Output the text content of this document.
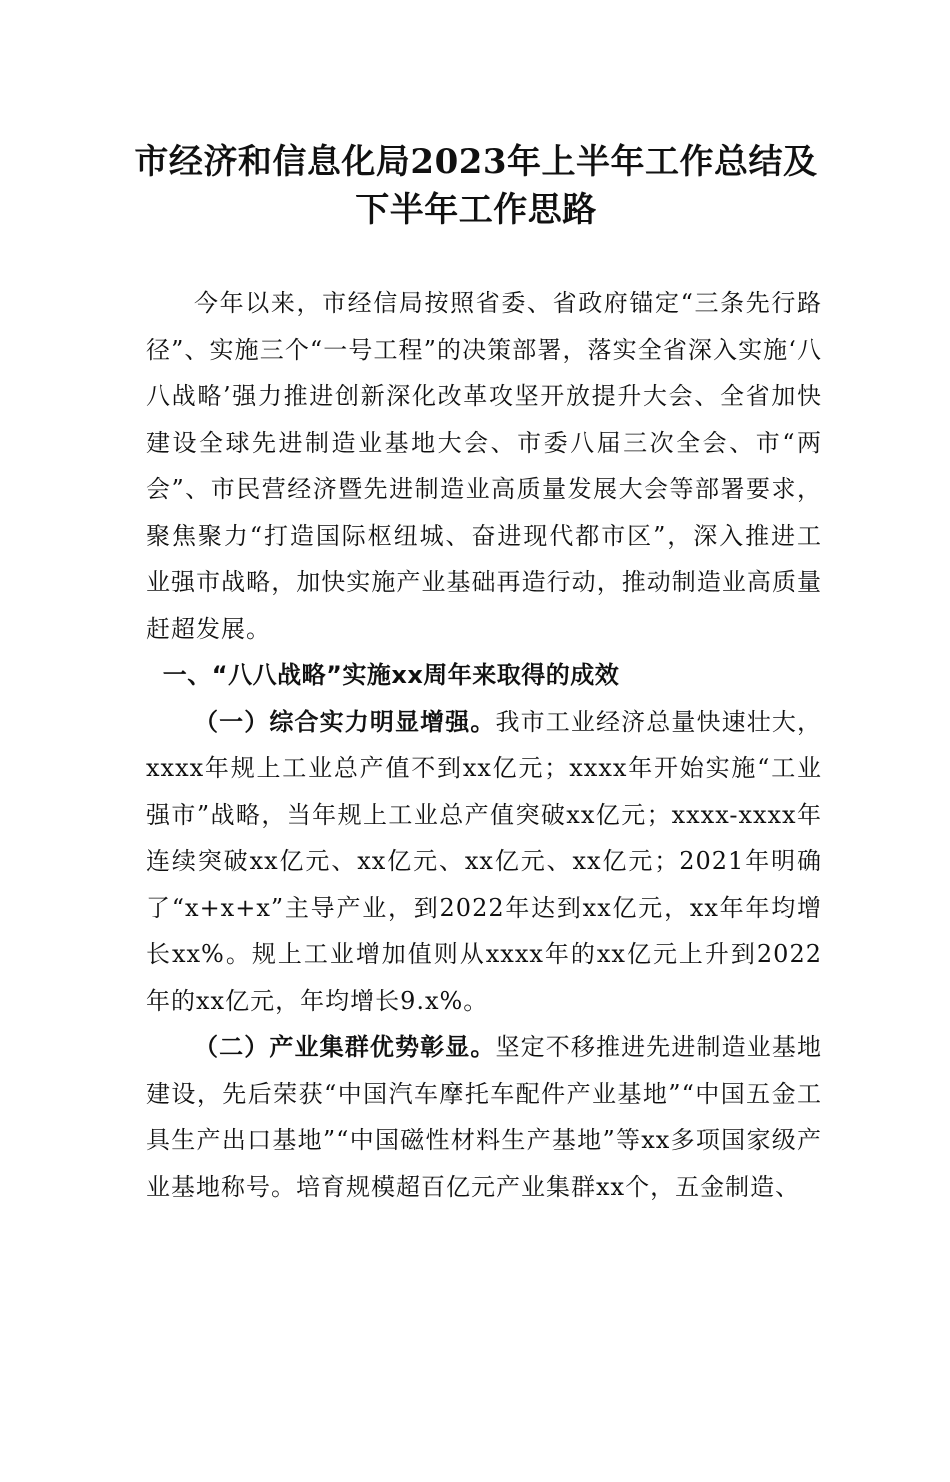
市经济和信息化局2023年上半年工作总结及
下半年工作思路

今年以来，市经信局按照省委、省政府锚定“三条先行路径”、实施三个“一号工程”的决策部署，落实全省深入实施‘八八战略’强力推进创新深化改革攻坚开放提升大会、全省加快建设全球先进制造业基地大会、市委八届三次全会、市“两会”、市民营经济暨先进制造业高质量发展大会等部署要求，聚焦聚力“打造国际枢纽城、奋进现代都市区”，深入推进工业强市战略，加快实施产业基础再造行动，推动制造业高质量赶超发展。

一、“八八战略”实施xx周年来取得的成效

（一）综合实力明显增强。我市工业经济总量快速壮大，xxxx年规上工业总产值不到xx亿元；xxxx年开始实施“工业强市”战略，当年规上工业总产值突破xx亿元；xxxx-xxxx年连续突破xx亿元、xx亿元、xx亿元、xx亿元；2021年明确了“x+x+x”主导产业，到2022年达到xx亿元，xx年年均增长xx%。规上工业增加值则从xxxx年的xx亿元上升到2022年的xx亿元，年均增长9.x%。

（二）产业集群优势彰显。坚定不移推进先进制造业基地建设，先后荣获“中国汽车摩托车配件产业基地”“中国五金工具生产出口基地”“中国磁性材料生产基地”等xx多项国家级产业基地称号。培育规模超百亿元产业集群xx个，五金制造、
